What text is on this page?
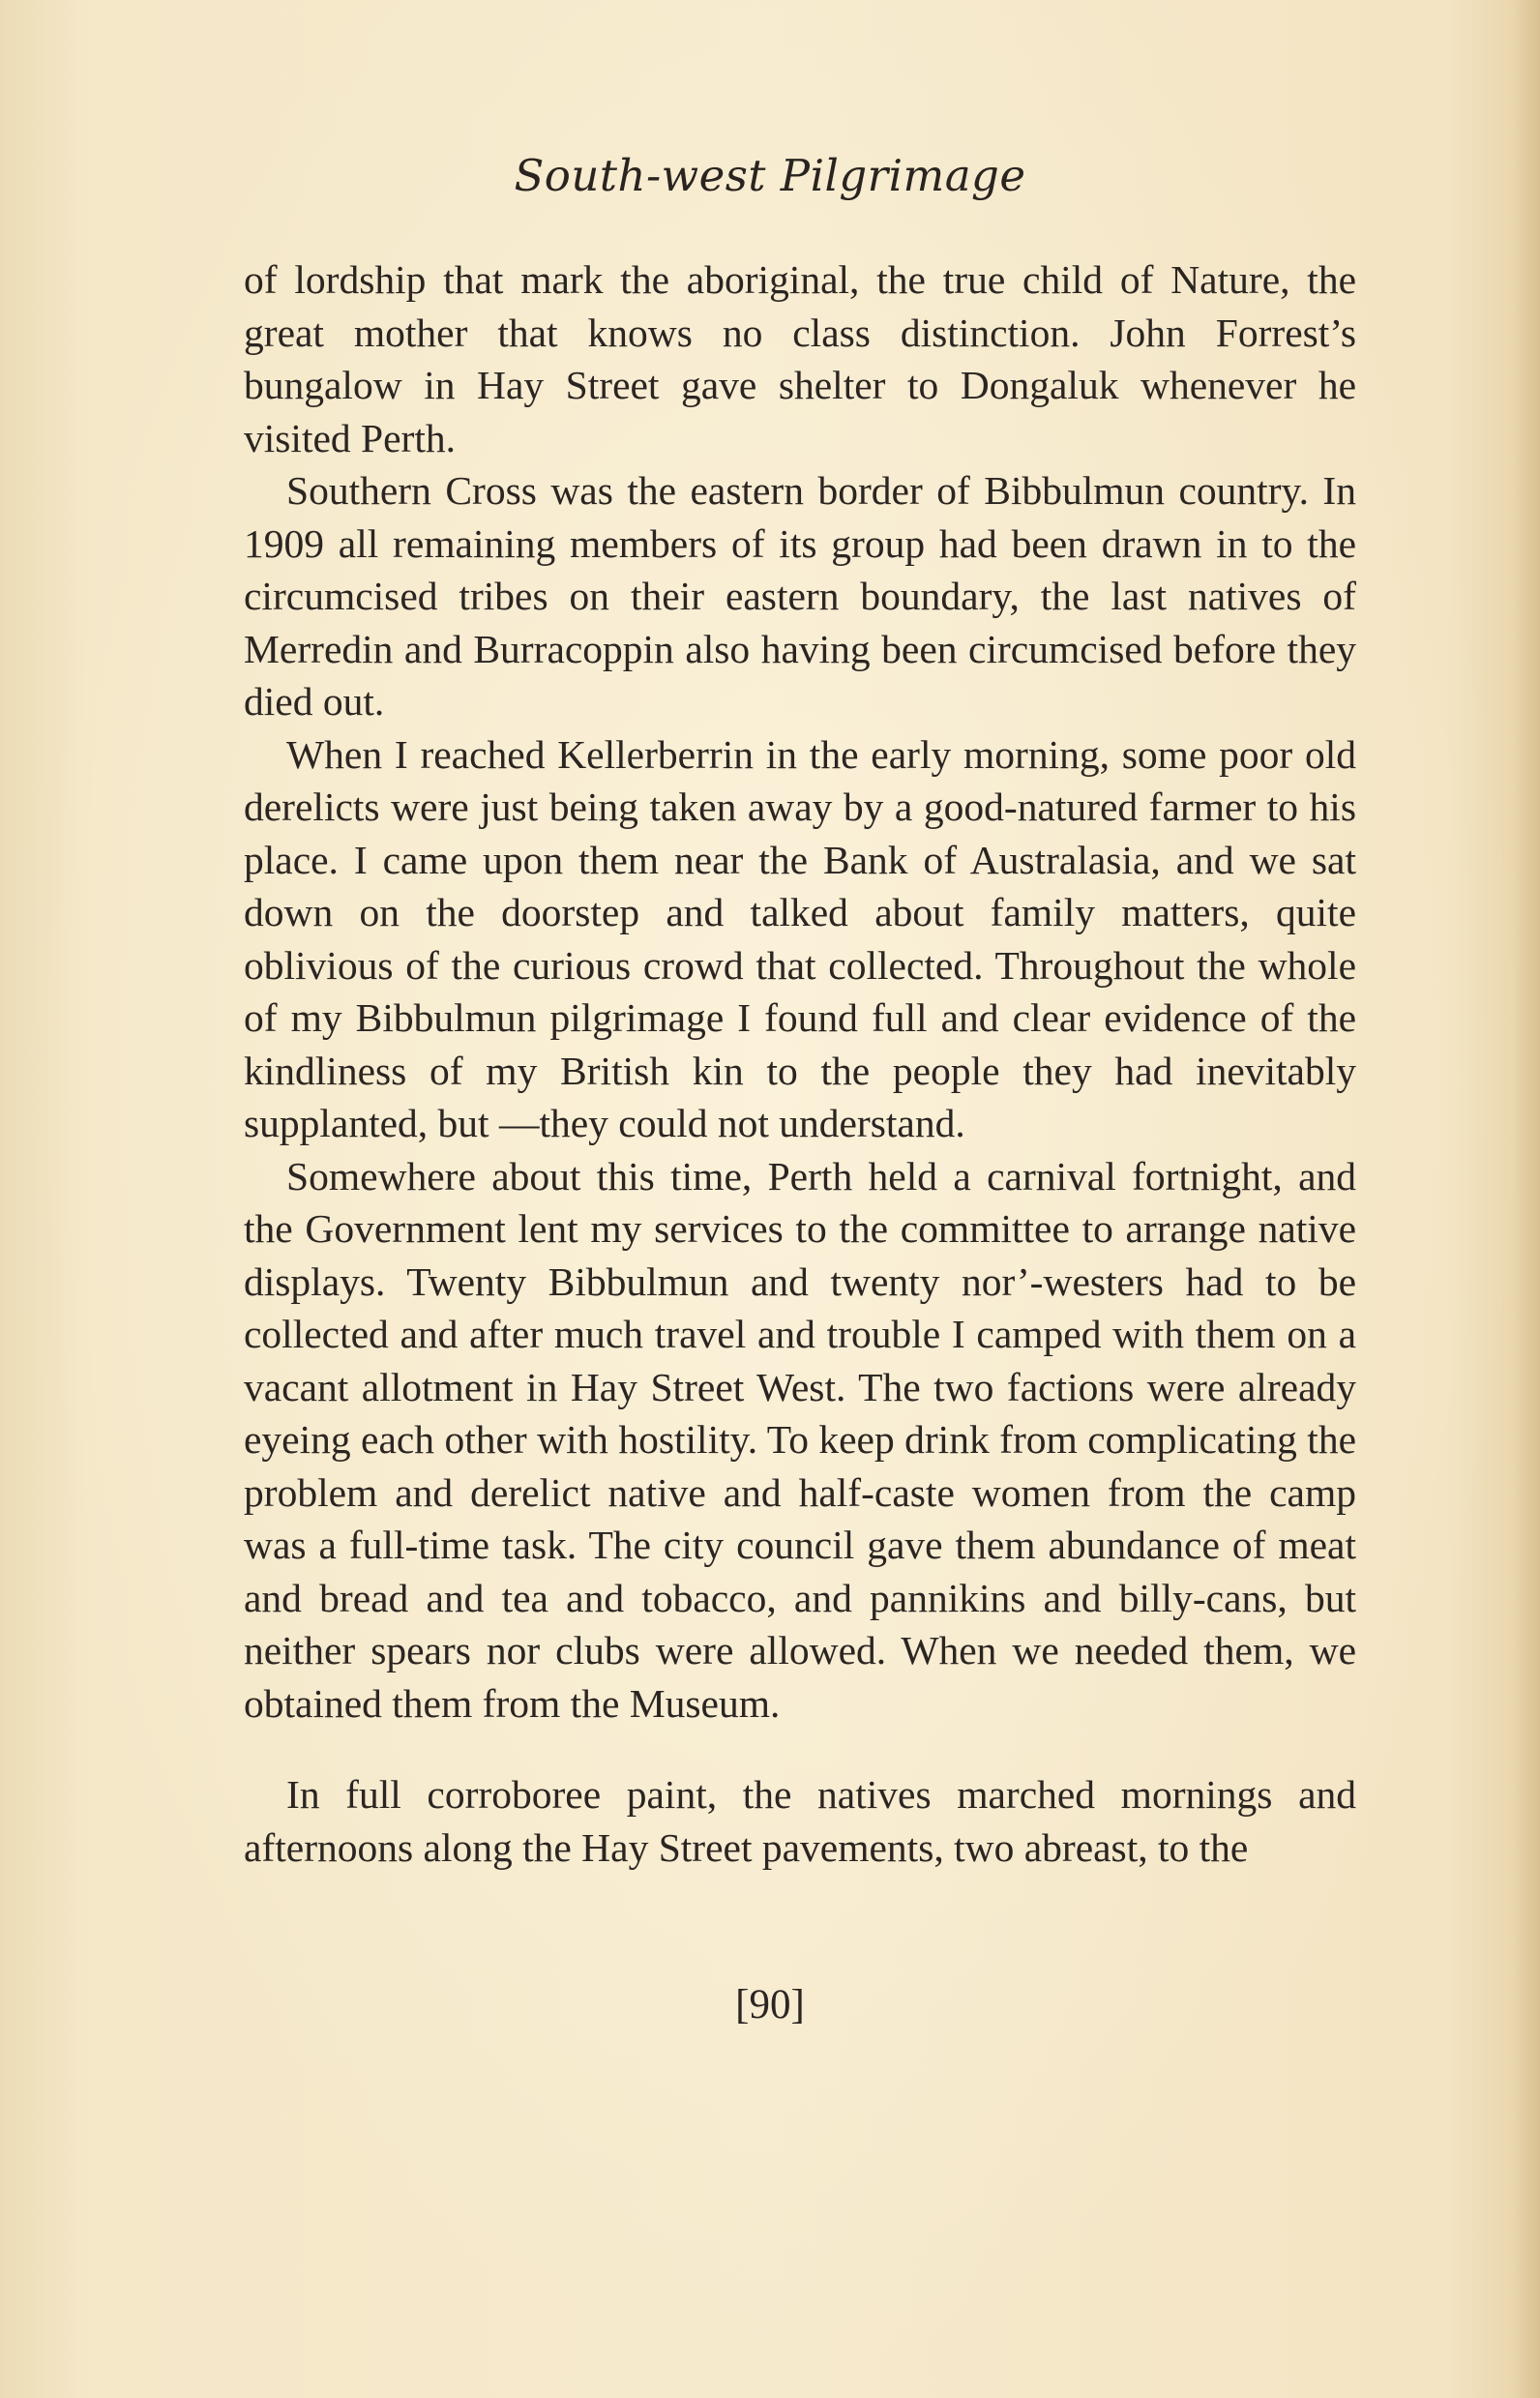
South-west Pilgrimage

of lordship that mark the aboriginal, the true child of Nature, the great mother that knows no class distinction. John Forrest’s bungalow in Hay Street gave shelter to Dongaluk whenever he visited Perth.

Southern Cross was the eastern border of Bibbulmun country. In 1909 all remaining members of its group had been drawn in to the circumcised tribes on their eastern boundary, the last natives of Merredin and Burracoppin also having been circumcised before they died out.

When I reached Kellerberrin in the early morning, some poor old derelicts were just being taken away by a good-natured farmer to his place. I came upon them near the Bank of Australasia, and we sat down on the doorstep and talked about family matters, quite oblivious of the curious crowd that collected. Throughout the whole of my Bibbulmun pilgrimage I found full and clear evidence of the kindliness of my British kin to the people they had inevitably supplanted, but —they could not understand.

Somewhere about this time, Perth held a carnival fortnight, and the Government lent my services to the committee to arrange native displays. Twenty Bibbulmun and twenty nor’-westers had to be collected and after much travel and trouble I camped with them on a vacant allotment in Hay Street West. The two factions were already eyeing each other with hostility. To keep drink from complicating the problem and derelict native and half-caste women from the camp was a full-time task. The city council gave them abundance of meat and bread and tea and tobacco, and pannikins and billy-cans, but neither spears nor clubs were allowed. When we needed them, we obtained them from the Museum.

In full corroboree paint, the natives marched mornings and afternoons along the Hay Street pavements, two abreast, to the

[90]
